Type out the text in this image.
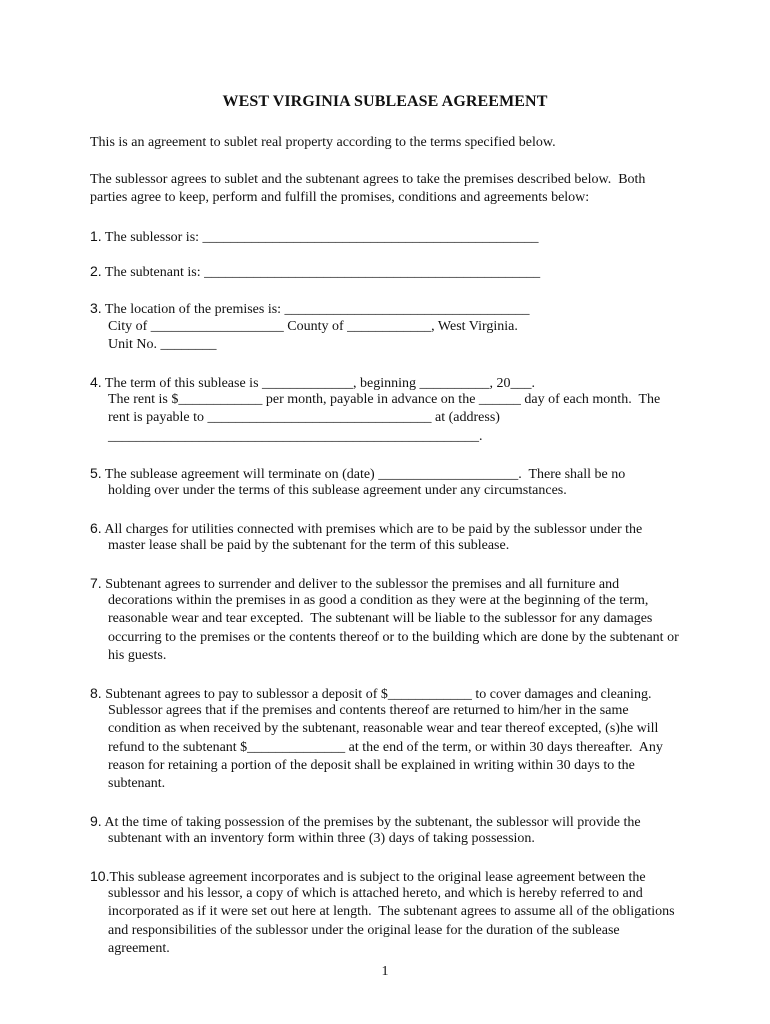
WEST VIRGINIA SUBLEASE AGREEMENT
This is an agreement to sublet real property according to the terms specified below.
The sublessor agrees to sublet and the subtenant agrees to take the premises described below.  Both
parties agree to keep, perform and fulfill the promises, conditions and agreements below:
1. The sublessor is: ________________________________________________
2. The subtenant is: ________________________________________________
3. The location of the premises is: ___________________________________
City of ___________________ County of ____________, West Virginia.
Unit No. ________
4. The term of this sublease is _____________, beginning __________, 20___.
The rent is $____________ per month, payable in advance on the ______ day of each month.  The
rent is payable to ________________________________ at (address)
_____________________________________________________.
5. The sublease agreement will terminate on (date) ____________________.  There shall be no
holding over under the terms of this sublease agreement under any circumstances.
6. All charges for utilities connected with premises which are to be paid by the sublessor under the
master lease shall be paid by the subtenant for the term of this sublease.
7. Subtenant agrees to surrender and deliver to the sublessor the premises and all furniture and
decorations within the premises in as good a condition as they were at the beginning of the term,
reasonable wear and tear excepted.  The subtenant will be liable to the sublessor for any damages
occurring to the premises or the contents thereof or to the building which are done by the subtenant or
his guests.
8. Subtenant agrees to pay to sublessor a deposit of $____________ to cover damages and cleaning.
Sublessor agrees that if the premises and contents thereof are returned to him/her in the same
condition as when received by the subtenant, reasonable wear and tear thereof excepted, (s)he will
refund to the subtenant $______________ at the end of the term, or within 30 days thereafter.  Any
reason for retaining a portion of the deposit shall be explained in writing within 30 days to the
subtenant.
9. At the time of taking possession of the premises by the subtenant, the sublessor will provide the
subtenant with an inventory form within three (3) days of taking possession.
10.This sublease agreement incorporates and is subject to the original lease agreement between the
sublessor and his lessor, a copy of which is attached hereto, and which is hereby referred to and
incorporated as if it were set out here at length.  The subtenant agrees to assume all of the obligations
and responsibilities of the sublessor under the original lease for the duration of the sublease
agreement.
1
